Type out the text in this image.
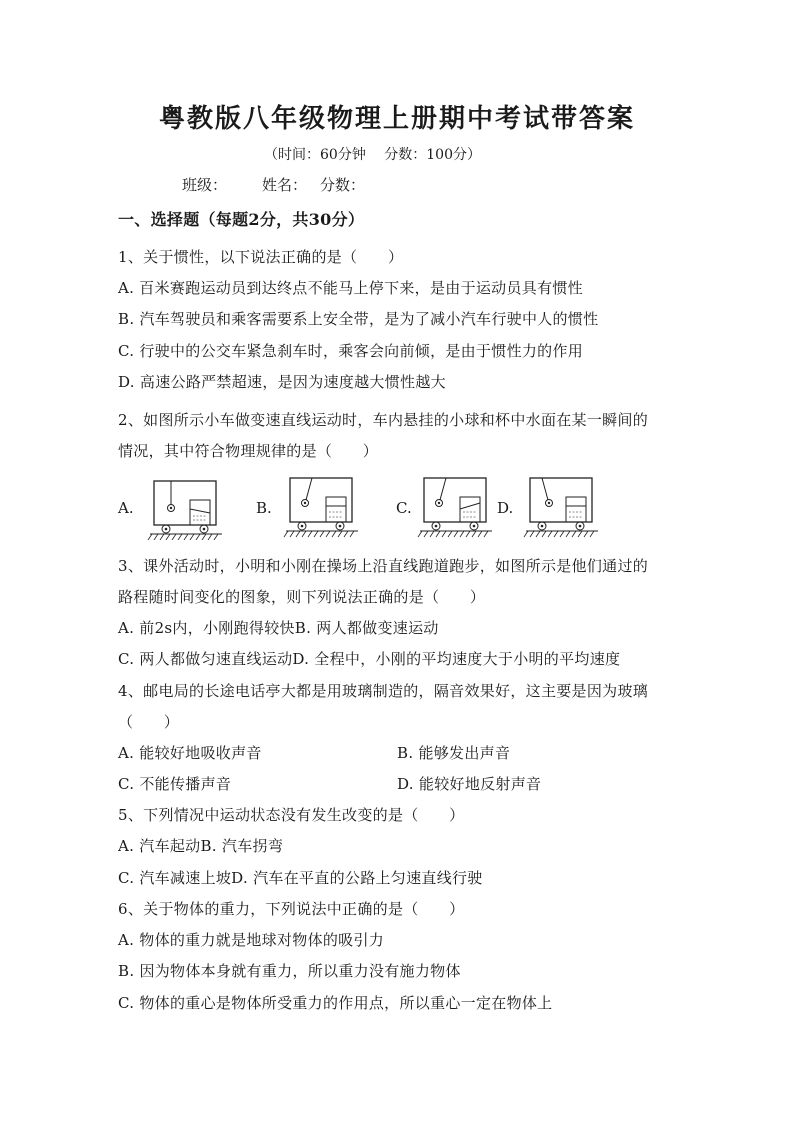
粤教版八年级物理上册期中考试带答案
（时间：60分钟　 分数：100分）
班级： 姓名： 分数：
一、选择题（每题2分，共30分）
1、关于惯性，以下说法正确的是（　　）
A. 百米赛跑运动员到达终点不能马上停下来，是由于运动员具有惯性
B. 汽车驾驶员和乘客需要系上安全带，是为了减小汽车行驶中人的惯性
C. 行驶中的公交车紧急刹车时，乘客会向前倾，是由于惯性力的作用
D. 高速公路严禁超速，是因为速度越大惯性越大
2、如图所示小车做变速直线运动时，车内悬挂的小球和杯中水面在某一瞬间的
情况，其中符合物理规律的是（　　）
A.	B.	C.	D.
3、课外活动时，小明和小刚在操场上沿直线跑道跑步，如图所示是他们通过的
路程随时间变化的图象，则下列说法正确的是（　　）
A. 前2s内，小刚跑得较快B. 两人都做变速运动
C. 两人都做匀速直线运动D. 全程中，小刚的平均速度大于小明的平均速度
4、邮电局的长途电话亭大都是用玻璃制造的，隔音效果好，这主要是因为玻璃
（　　）
A. 能较好地吸收声音	B. 能够发出声音
C. 不能传播声音	D. 能较好地反射声音
5、下列情况中运动状态没有发生改变的是（　　）
A. 汽车起动B. 汽车拐弯
C. 汽车减速上坡D. 汽车在平直的公路上匀速直线行驶
6、关于物体的重力，下列说法中正确的是（　　）
A. 物体的重力就是地球对物体的吸引力
B. 因为物体本身就有重力，所以重力没有施力物体
C. 物体的重心是物体所受重力的作用点，所以重心一定在物体上
